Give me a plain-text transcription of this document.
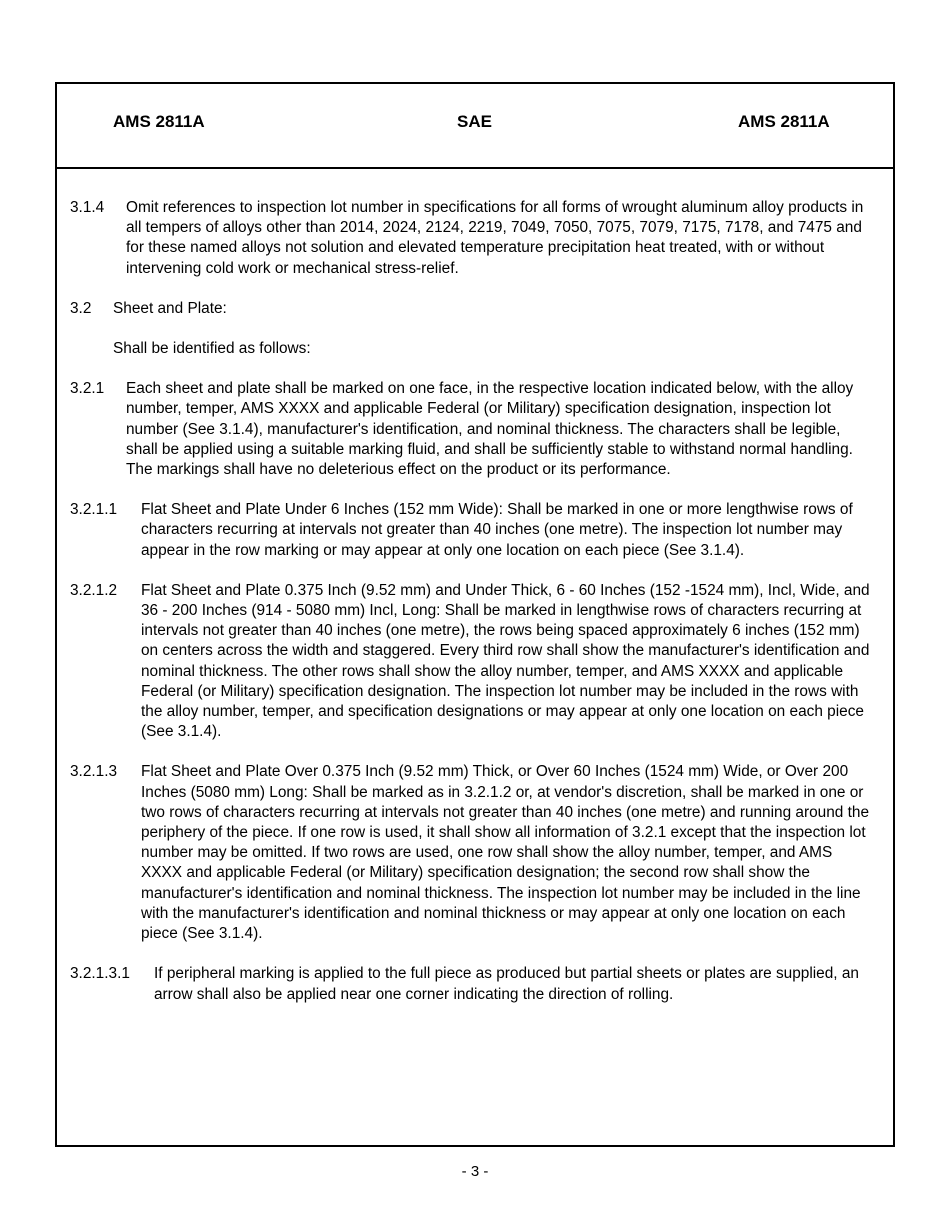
AMS 2811A	SAE	AMS 2811A
3.1.4	Omit references to inspection lot number in specifications for all forms of wrought aluminum alloy products in all tempers of alloys other than 2014, 2024, 2124, 2219, 7049, 7050, 7075, 7079, 7175, 7178, and 7475 and for these named alloys not solution and elevated temperature precipitation heat treated, with or without intervening cold work or mechanical stress-relief.
3.2	Sheet and Plate:
Shall be identified as follows:
3.2.1	Each sheet and plate shall be marked on one face, in the respective location indicated below, with the alloy number, temper, AMS XXXX and applicable Federal (or Military) specification designation, inspection lot number (See 3.1.4), manufacturer's identification, and nominal thickness. The characters shall be legible, shall be applied using a suitable marking fluid, and shall be sufficiently stable to withstand normal handling. The markings shall have no deleterious effect on the product or its performance.
3.2.1.1	Flat Sheet and Plate Under 6 Inches (152 mm Wide): Shall be marked in one or more lengthwise rows of characters recurring at intervals not greater than 40 inches (one metre). The inspection lot number may appear in the row marking or may appear at only one location on each piece (See 3.1.4).
3.2.1.2	Flat Sheet and Plate 0.375 Inch (9.52 mm) and Under Thick, 6 - 60 Inches (152 -1524 mm), Incl, Wide, and 36 - 200 Inches (914 - 5080 mm) Incl, Long: Shall be marked in lengthwise rows of characters recurring at intervals not greater than 40 inches (one metre), the rows being spaced approximately 6 inches (152 mm) on centers across the width and staggered. Every third row shall show the manufacturer's identification and nominal thickness. The other rows shall show the alloy number, temper, and AMS XXXX and applicable Federal (or Military) specification designation. The inspection lot number may be included in the rows with the alloy number, temper, and specification designations or may appear at only one location on each piece (See 3.1.4).
3.2.1.3	Flat Sheet and Plate Over 0.375 Inch (9.52 mm) Thick, or Over 60 Inches (1524 mm) Wide, or Over 200 Inches (5080 mm) Long: Shall be marked as in 3.2.1.2 or, at vendor's discretion, shall be marked in one or two rows of characters recurring at intervals not greater than 40 inches (one metre) and running around the periphery of the piece. If one row is used, it shall show all information of 3.2.1 except that the inspection lot number may be omitted. If two rows are used, one row shall show the alloy number, temper, and AMS XXXX and applicable Federal (or Military) specification designation; the second row shall show the manufacturer's identification and nominal thickness. The inspection lot number may be included in the line with the manufacturer's identification and nominal thickness or may appear at only one location on each piece (See 3.1.4).
3.2.1.3.1	If peripheral marking is applied to the full piece as produced but partial sheets or plates are supplied, an arrow shall also be applied near one corner indicating the direction of rolling.
- 3 -
